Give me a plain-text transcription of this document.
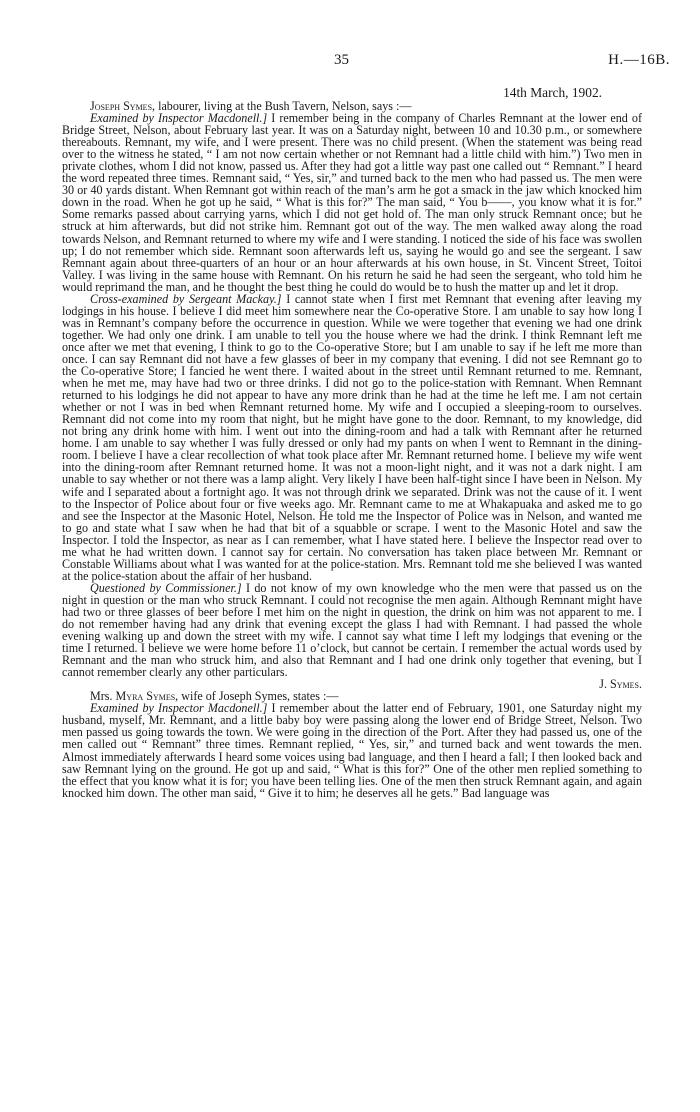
35	H.—16B.
14th March, 1902.

Joseph Symes, labourer, living at the Bush Tavern, Nelson, says :—

Examined by Inspector Macdonell.] I remember being in the company of Charles Remnant at the lower end of Bridge Street, Nelson, about February last year. It was on a Saturday night, between 10 and 10.30 p.m., or somewhere thereabouts. Remnant, my wife, and I were present. There was no child present. (When the statement was being read over to the witness he stated, “ I am not now certain whether or not Remnant had a little child with him.”) Two men in private clothes, whom I did not know, passed us. After they had got a little way past one called out “ Remnant.” I heard the word repeated three times. Remnant said, “ Yes, sir,” and turned back to the men who had passed us. The men were 30 or 40 yards distant. When Remnant got within reach of the man’s arm he got a smack in the jaw which knocked him down in the road. When he got up he said, “ What is this for?” The man said, “ You b——, you know what it is for.” Some remarks passed about carrying yarns, which I did not get hold of. The man only struck Remnant once; but he struck at him afterwards, but did not strike him. Remnant got out of the way. The men walked away along the road towards Nelson, and Remnant returned to where my wife and I were standing. I noticed the side of his face was swollen up; I do not remember which side. Remnant soon afterwards left us, saying he would go and see the sergeant. I saw Remnant again about three-quarters of an hour or an hour afterwards at his own house, in St. Vincent Street, Toitoi Valley. I was living in the same house with Remnant. On his return he said he had seen the sergeant, who told him he would reprimand the man, and he thought the best thing he could do would be to hush the matter up and let it drop.

Cross-examined by Sergeant Mackay.] I cannot state when I first met Remnant that evening after leaving my lodgings in his house. I believe I did meet him somewhere near the Co-operative Store. I am unable to say how long I was in Remnant’s company before the occurrence in question. While we were together that evening we had one drink together. We had only one drink. I am unable to tell you the house where we had the drink. I think Remnant left me once after we met that evening, I think to go to the Co-operative Store; but I am unable to say if he left me more than once. I can say Remnant did not have a few glasses of beer in my company that evening. I did not see Remnant go to the Co-operative Store; I fancied he went there. I waited about in the street until Remnant returned to me. Remnant, when he met me, may have had two or three drinks. I did not go to the police-station with Remnant. When Remnant returned to his lodgings he did not appear to have any more drink than he had at the time he left me. I am not certain whether or not I was in bed when Remnant returned home. My wife and I occupied a sleeping-room to ourselves. Remnant did not come into my room that night, but he might have gone to the door. Remnant, to my knowledge, did not bring any drink home with him. I went out into the dining-room and had a talk with Remnant after he returned home. I am unable to say whether I was fully dressed or only had my pants on when I went to Remnant in the dining-room. I believe I have a clear recollection of what took place after Mr. Remnant returned home. I believe my wife went into the dining-room after Remnant returned home. It was not a moon-light night, and it was not a dark night. I am unable to say whether or not there was a lamp alight. Very likely I have been half-tight since I have been in Nelson. My wife and I separated about a fortnight ago. It was not through drink we separated. Drink was not the cause of it. I went to the Inspector of Police about four or five weeks ago. Mr. Remnant came to me at Whakapuaka and asked me to go and see the Inspector at the Masonic Hotel, Nelson. He told me the Inspector of Police was in Nelson, and wanted me to go and state what I saw when he had that bit of a squabble or scrape. I went to the Masonic Hotel and saw the Inspector. I told the Inspector, as near as I can remember, what I have stated here. I believe the Inspector read over to me what he had written down. I cannot say for certain. No conversation has taken place between Mr. Remnant or Constable Williams about what I was wanted for at the police-station. Mrs. Remnant told me she believed I was wanted at the police-station about the affair of her husband.

Questioned by Commissioner.] I do not know of my own knowledge who the men were that passed us on the night in question or the man who struck Remnant. I could not recognise the men again. Although Remnant might have had two or three glasses of beer before I met him on the night in question, the drink on him was not apparent to me. I do not remember having had any drink that evening except the glass I had with Remnant. I had passed the whole evening walking up and down the street with my wife. I cannot say what time I left my lodgings that evening or the time I returned. I believe we were home before 11 o’clock, but cannot be certain. I remember the actual words used by Remnant and the man who struck him, and also that Remnant and I had one drink only together that evening, but I cannot remember clearly any other particulars.

J. Symes.

Mrs. Myra Symes, wife of Joseph Symes, states :—

Examined by Inspector Macdonell.] I remember about the latter end of February, 1901, one Saturday night my husband, myself, Mr. Remnant, and a little baby boy were passing along the lower end of Bridge Street, Nelson. Two men passed us going towards the town. We were going in the direction of the Port. After they had passed us, one of the men called out “ Remnant” three times. Remnant replied, “ Yes, sir,” and turned back and went towards the men. Almost immediately afterwards I heard some voices using bad language, and then I heard a fall; I then looked back and saw Remnant lying on the ground. He got up and said, “ What is this for?” One of the other men replied something to the effect that you know what it is for; you have been telling lies. One of the men then struck Remnant again, and again knocked him down. The other man said, “ Give it to him; he deserves all he gets.” Bad language was
